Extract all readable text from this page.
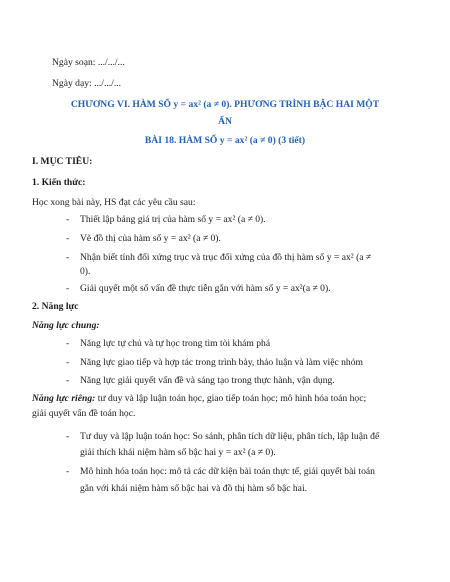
Ngày soạn: .../.../...
Ngày dạy: .../.../...
CHƯƠNG VI. HÀM SỐ y = ax² (a ≠ 0). PHƯƠNG TRÌNH BẬC HAI MỘT
ẨN
BÀI 18. HÀM SỐ y = ax² (a ≠ 0) (3 tiết)
I. MỤC TIÊU:
1. Kiến thức:
Học xong bài này, HS đạt các yêu cầu sau:
- Thiết lập bảng giá trị của hàm số y = ax² (a ≠ 0).
- Vẽ đồ thị của hàm số y = ax² (a ≠ 0).
- Nhận biết tính đối xứng trục và trục đối xứng của đồ thị hàm số y = ax² (a ≠
0).
- Giải quyết một số vấn đề thực tiễn gắn với hàm số y = ax²(a ≠ 0).
2. Năng lực
Năng lực chung:
- Năng lực tự chủ và tự học trong tìm tòi khám phá
- Năng lực giao tiếp và hợp tác trong trình bày, thảo luận và làm việc nhóm
- Năng lực giải quyết vấn đề và sáng tạo trong thực hành, vận dụng.
Năng lực riêng: tư duy và lập luận toán học, giao tiếp toán học; mô hình hóa toán học;
giải quyết vấn đề toán học.
- Tư duy và lập luận toán học: So sánh, phân tích dữ liệu, phân tích, lập luận để
giải thích khái niệm hàm số bậc hai y = ax² (a ≠ 0).
- Mô hình hóa toán học: mô tả các dữ kiện bài toán thực tế, giải quyết bài toán
gắn với khái niệm hàm số bậc hai và đồ thị hàm số bậc hai.
